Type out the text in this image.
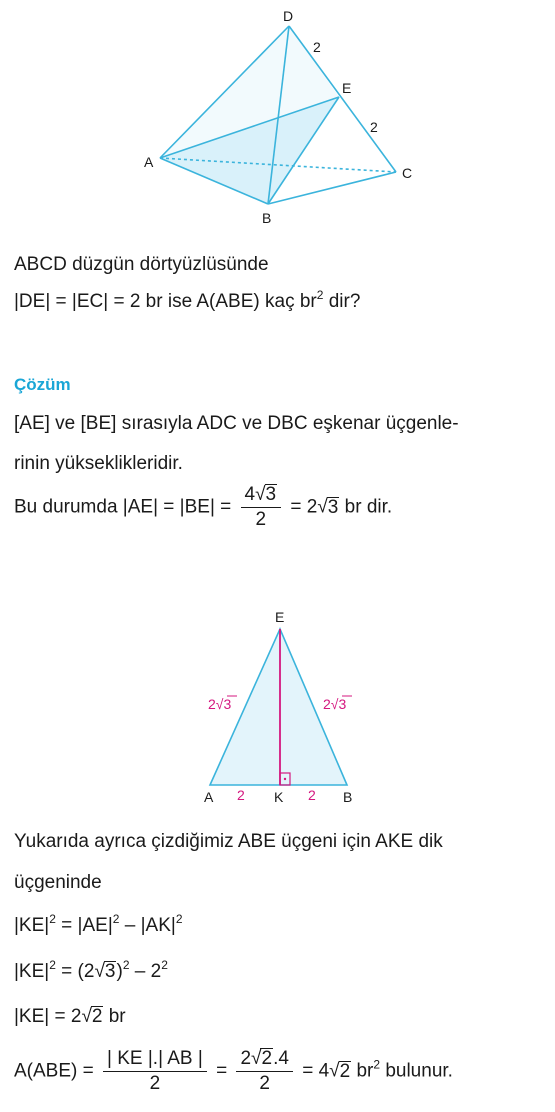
D
A
B
C
E
2
2
ABCD düzgün dörtyüzlüsünde
|DE| = |EC| = 2 br ise A(ABE) kaç $br^2$ dir?
Çözüm
[AE] ve [BE] sırasıyla ADC ve DBC eşkenar üçgenle-
rinin yükseklikleridir.
Bu durumda $|AE| = |BE| = \frac{4√3}{2} = 2√3$ br dir.
E
A	K	B
2	2
2√3	2√3
Yukarıda ayrıca çizdiğimiz ABE üçgeni için AKE dik
üçgeninde
$|KE|^2 = |AE|^2 - |AK|^2$
$|KE|^2 = (2√3)^2 - 2^2$
|KE| = 2√2 br
$A(ABE) = \frac{| KE |.| AB |}{2} = \frac{2√2.4}{2} = 4√2$ $br^2$ bulunur.
